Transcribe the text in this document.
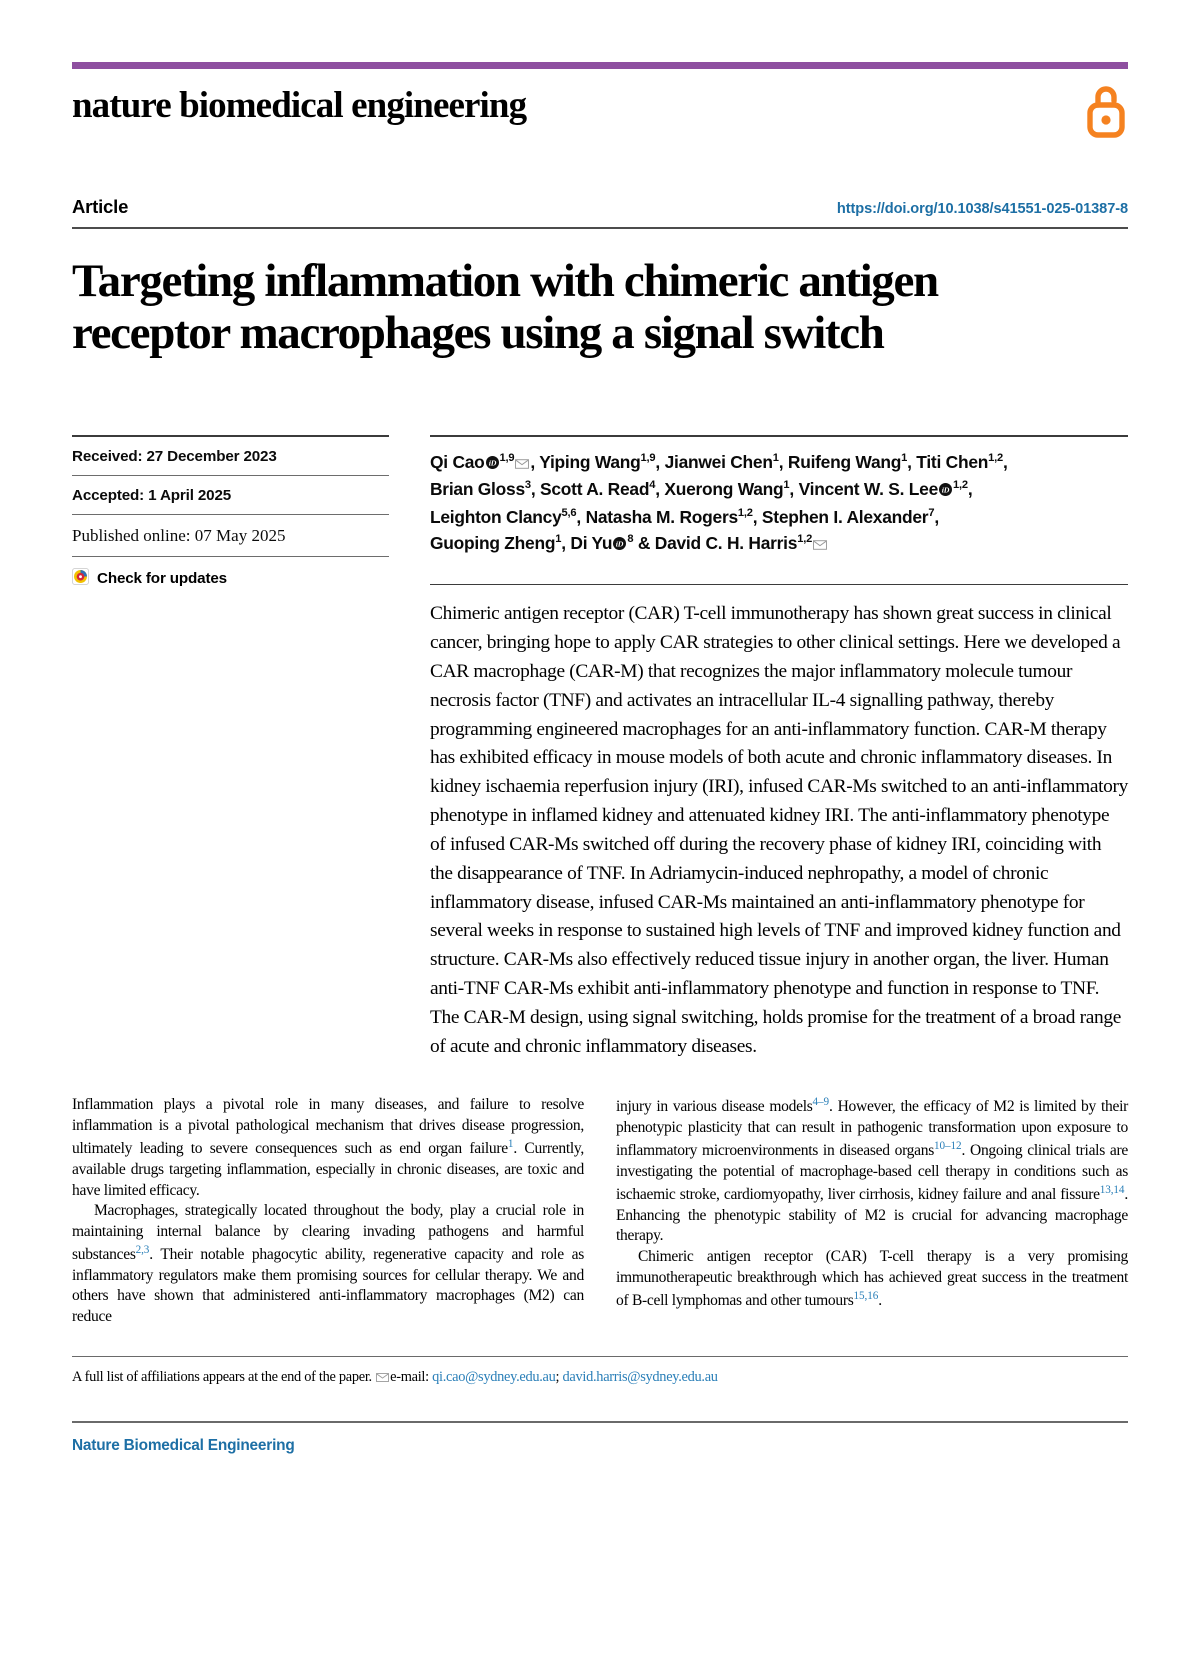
nature biomedical engineering
Article	https://doi.org/10.1038/s41551-025-01387-8
Targeting inflammation with chimeric antigen receptor macrophages using a signal switch
Received: 27 December 2023
Accepted: 1 April 2025
Published online: 07 May 2025
Check for updates
Qi Cao iD $^{1,9}$ , Yiping Wang$^{1,9}$, Jianwei Chen$^1$, Ruifeng Wang$^1$, Titi Chen$^{1,2}$,
Brian Gloss$^3$, Scott A. Read$^4$, Xuerong Wang$^1$, Vincent W. S. Lee iD $^{1,2}$,
Leighton Clancy$^{5,6}$, Natasha M. Rogers$^{1,2}$, Stephen I. Alexander$^7$,
Guoping Zheng$^1$, Di Yu iD $^8$ & David C. H. Harris$^{1,2}$
Chimeric antigen receptor (CAR) T-cell immunotherapy has shown great success in clinical cancer, bringing hope to apply CAR strategies to other clinical settings. Here we developed a CAR macrophage (CAR-M) that recognizes the major inflammatory molecule tumour necrosis factor (TNF) and activates an intracellular IL-4 signalling pathway, thereby programming engineered macrophages for an anti-inflammatory function. CAR-M therapy has exhibited efficacy in mouse models of both acute and chronic inflammatory diseases. In kidney ischaemia reperfusion injury (IRI), infused CAR-Ms switched to an anti-inflammatory phenotype in inflamed kidney and attenuated kidney IRI. The anti-inflammatory phenotype of infused CAR-Ms switched off during the recovery phase of kidney IRI, coinciding with the disappearance of TNF. In Adriamycin-induced nephropathy, a model of chronic inflammatory disease, infused CAR-Ms maintained an anti-inflammatory phenotype for several weeks in response to sustained high levels of TNF and improved kidney function and structure. CAR-Ms also effectively reduced tissue injury in another organ, the liver. Human anti-TNF CAR-Ms exhibit anti-inflammatory phenotype and function in response to TNF. The CAR-M design, using signal switching, holds promise for the treatment of a broad range of acute and chronic inflammatory diseases.

Inflammation plays a pivotal role in many diseases, and failure to resolve inflammation is a pivotal pathological mechanism that drives disease progression, ultimately leading to severe consequences such as end organ failure$^1$. Currently, available drugs targeting inflammation, especially in chronic diseases, are toxic and have limited efficacy.

Macrophages, strategically located throughout the body, play a crucial role in maintaining internal balance by clearing invading pathogens and harmful substances$^{2,3}$. Their notable phagocytic ability, regenerative capacity and role as inflammatory regulators make them promising sources for cellular therapy. We and others have shown that administered anti-inflammatory macrophages (M2) can reduce

injury in various disease models$^{4-9}$. However, the efficacy of M2 is limited by their phenotypic plasticity that can result in pathogenic transformation upon exposure to inflammatory microenvironments in diseased organs$^{10-12}$. Ongoing clinical trials are investigating the potential of macrophage-based cell therapy in conditions such as ischaemic stroke, cardiomyopathy, liver cirrhosis, kidney failure and anal fissure$^{13,14}$. Enhancing the phenotypic stability of M2 is crucial for advancing macrophage therapy.

Chimeric antigen receptor (CAR) T-cell therapy is a very promising immunotherapeutic breakthrough which has achieved great success in the treatment of B-cell lymphomas and other tumours$^{15,16}$.

A full list of affiliations appears at the end of the paper. e-mail: qi.cao@sydney.edu.au; david.harris@sydney.edu.au
Nature Biomedical Engineering
